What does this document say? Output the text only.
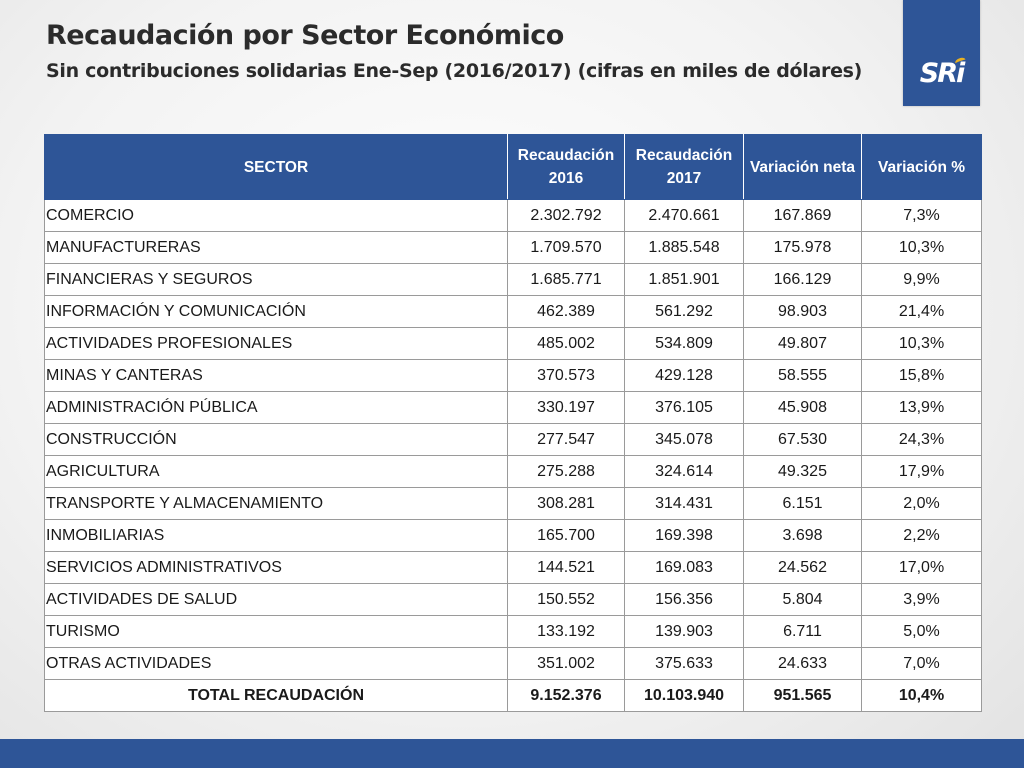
Recaudación por Sector Económico
Sin contribuciones solidarias Ene-Sep (2016/2017) (cifras en miles de dólares)	SRi
SECTOR	Recaudación 2016	Recaudación 2017	Variación neta	Variación %
COMERCIO	2.302.792	2.470.661	167.869	7,3%
MANUFACTURERAS	1.709.570	1.885.548	175.978	10,3%
FINANCIERAS Y SEGUROS	1.685.771	1.851.901	166.129	9,9%
INFORMACIÓN Y COMUNICACIÓN	462.389	561.292	98.903	21,4%
ACTIVIDADES PROFESIONALES	485.002	534.809	49.807	10,3%
MINAS Y CANTERAS	370.573	429.128	58.555	15,8%
ADMINISTRACIÓN PÚBLICA	330.197	376.105	45.908	13,9%
CONSTRUCCIÓN	277.547	345.078	67.530	24,3%
AGRICULTURA	275.288	324.614	49.325	17,9%
TRANSPORTE Y ALMACENAMIENTO	308.281	314.431	6.151	2,0%
INMOBILIARIAS	165.700	169.398	3.698	2,2%
SERVICIOS ADMINISTRATIVOS	144.521	169.083	24.562	17,0%
ACTIVIDADES DE SALUD	150.552	156.356	5.804	3,9%
TURISMO	133.192	139.903	6.711	5,0%
OTRAS ACTIVIDADES	351.002	375.633	24.633	7,0%
TOTAL RECAUDACIÓN	9.152.376	10.103.940	951.565	10,4%
